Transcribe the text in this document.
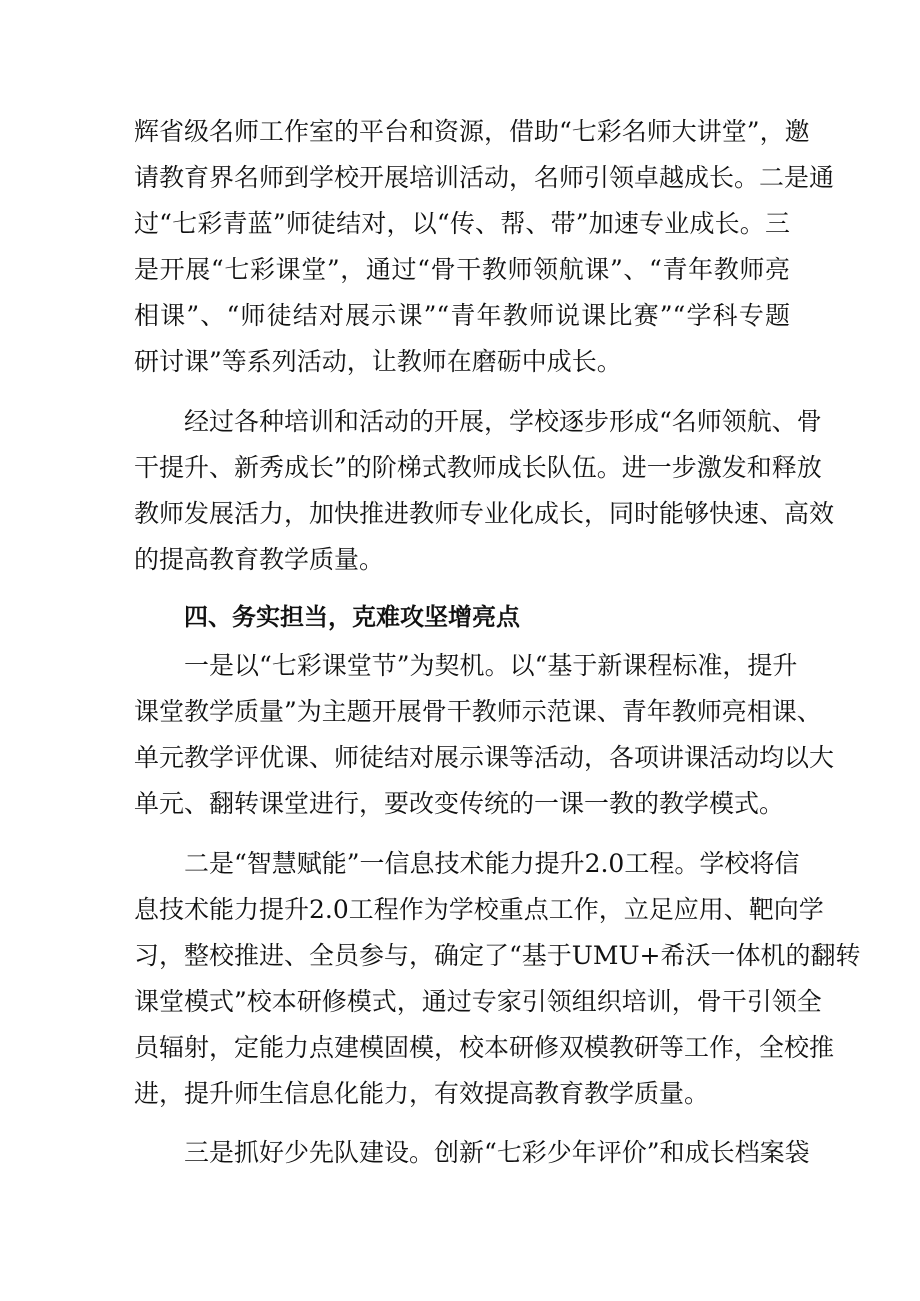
辉省级名师工作室的平台和资源，借助“七彩名师大讲堂”，邀
请教育界名师到学校开展培训活动，名师引领卓越成长。二是通
过“七彩青蓝”师徒结对，以“传、帮、带”加速专业成长。三
是开展“七彩课堂”，通过“骨干教师领航课”、“青年教师亮
相课”、“师徒结对展示课”“青年教师说课比赛”“学科专题
研讨课”等系列活动，让教师在磨砺中成长。
经过各种培训和活动的开展，学校逐步形成“名师领航、骨
干提升、新秀成长”的阶梯式教师成长队伍。进一步激发和释放
教师发展活力，加快推进教师专业化成长，同时能够快速、高效
的提高教育教学质量。
四、务实担当，克难攻坚增亮点
一是以“七彩课堂节”为契机。以“基于新课程标准，提升
课堂教学质量”为主题开展骨干教师示范课、青年教师亮相课、
单元教学评优课、师徒结对展示课等活动，各项讲课活动均以大
单元、翻转课堂进行，要改变传统的一课一教的教学模式。
二是“智慧赋能”一信息技术能力提升2.0工程。学校将信
息技术能力提升2.0工程作为学校重点工作，立足应用、靶向学
习，整校推进、全员参与，确定了“基于UMU+希沃一体机的翻转
课堂模式”校本研修模式，通过专家引领组织培训，骨干引领全
员辐射，定能力点建模固模，校本研修双模教研等工作，全校推
进，提升师生信息化能力，有效提高教育教学质量。
三是抓好少先队建设。创新“七彩少年评价”和成长档案袋
